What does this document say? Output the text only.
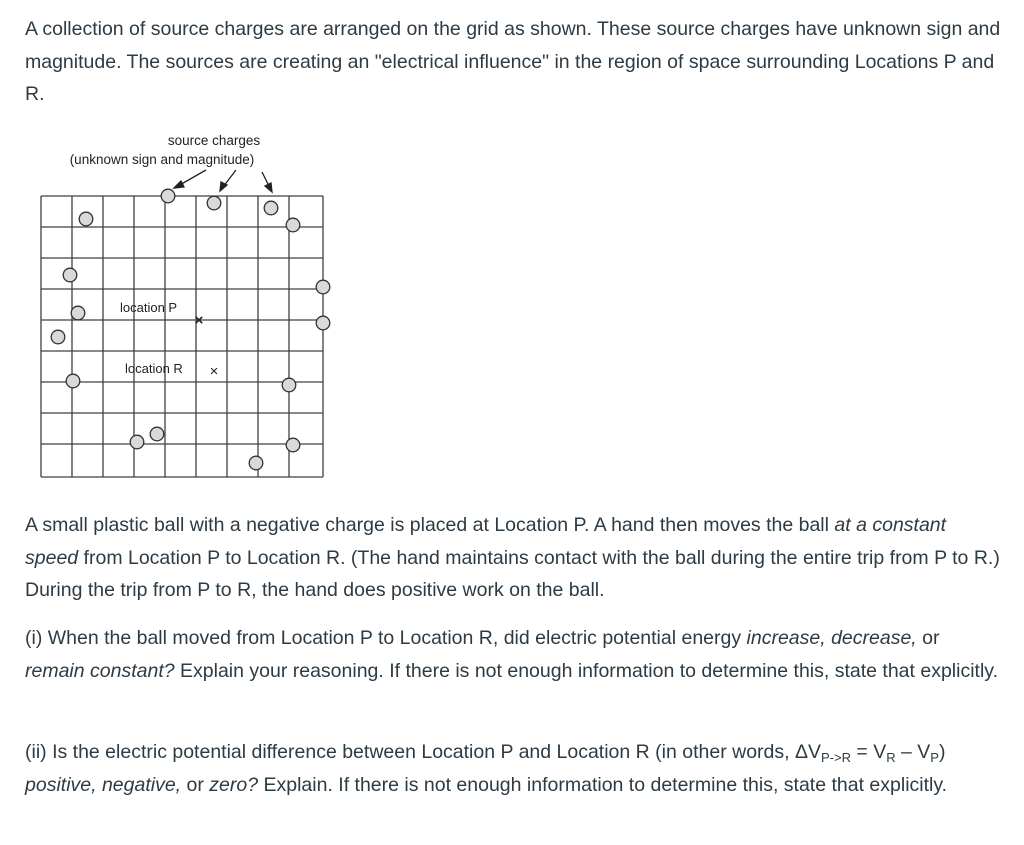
A collection of source charges are arranged on the grid as shown. These source charges have unknown sign and magnitude. The sources are creating an "electrical influence" in the region of space surrounding Locations P and R.

source charges
(unknown sign and magnitude)
location P
×
location R ×

A small plastic ball with a negative charge is placed at Location P. A hand then moves the ball at a constant speed from Location P to Location R. (The hand maintains contact with the ball during the entire trip from P to R.) During the trip from P to R, the hand does positive work on the ball.

(i) When the ball moved from Location P to Location R, did electric potential energy increase, decrease, or remain constant? Explain your reasoning. If there is not enough information to determine this, state that explicitly.

(ii) Is the electric potential difference between Location P and Location R (in other words, $\Delta V_{P->R} = V_R - V_P$) positive, negative, or zero? Explain. If there is not enough information to determine this, state that explicitly.
